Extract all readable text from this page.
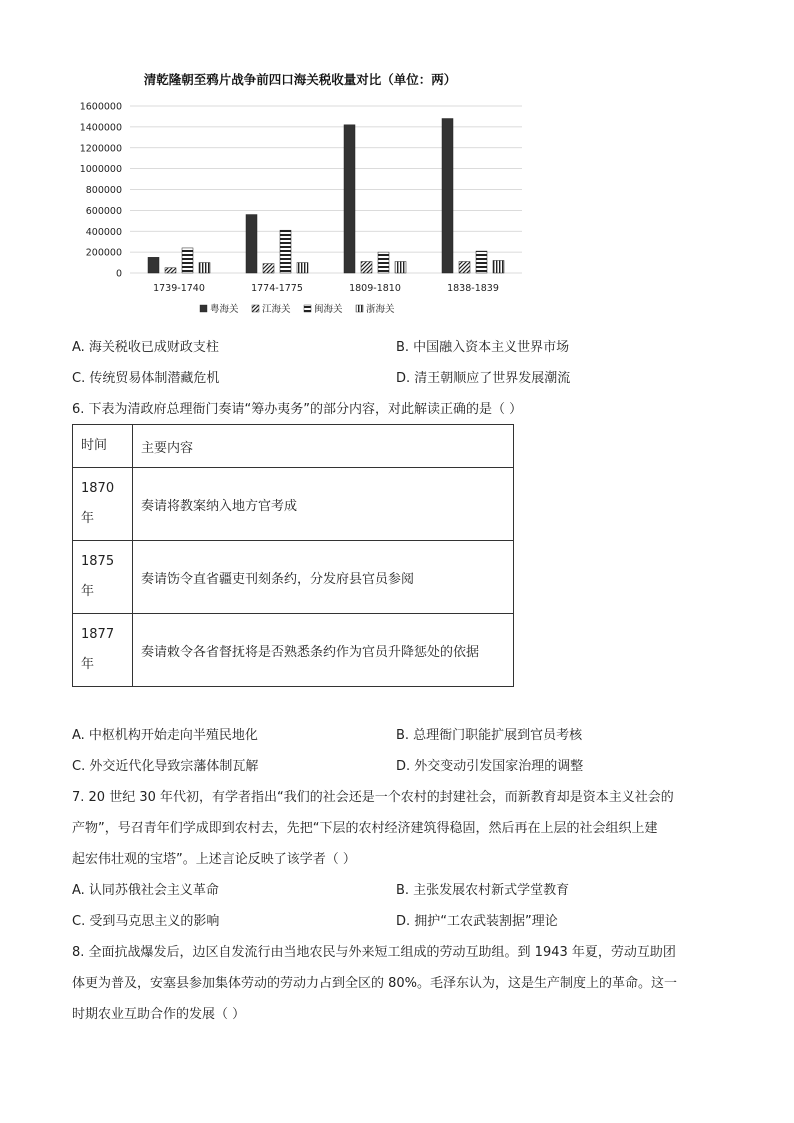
清乾隆朝至鸦片战争前四口海关税收量对比（单位：两）
0
200000
400000
600000
800000
1000000
1200000
1400000
1600000
1739-1740	1774-1775	1809-1810	1838-1839
粤海关 江海关 闽海关 浙海关
A. 海关税收已成财政支柱	B. 中国融入资本主义世界市场
C. 传统贸易体制潜藏危机	D. 清王朝顺应了世界发展潮流
6. 下表为清政府总理衙门奏请“筹办夷务”的部分内容，对此解读正确的是（ ）
时间	主要内容
1870
年	奏请将教案纳入地方官考成
1875
年	奏请饬令直省疆吏刊刻条约，分发府县官员参阅
1877
年	奏请敕令各省督抚将是否熟悉条约作为官员升降惩处的依据
A. 中枢机构开始走向半殖民地化	B. 总理衙门职能扩展到官员考核
C. 外交近代化导致宗藩体制瓦解	D. 外交变动引发国家治理的调整
7. 20 世纪 30 年代初，有学者指出“我们的社会还是一个农村的封建社会，而新教育却是资本主义社会的
产物”，号召青年们学成即到农村去，先把“下层的农村经济建筑得稳固，然后再在上层的社会组织上建
起宏伟壮观的宝塔”。上述言论反映了该学者（ ）
A. 认同苏俄社会主义革命	B. 主张发展农村新式学堂教育
C. 受到马克思主义的影响	D. 拥护“工农武装割据”理论
8. 全面抗战爆发后，边区自发流行由当地农民与外来短工组成的劳动互助组。到 1943 年夏，劳动互助团
体更为普及，安塞县参加集体劳动的劳动力占到全区的 80%。毛泽东认为，这是生产制度上的革命。这一
时期农业互助合作的发展（ ）
